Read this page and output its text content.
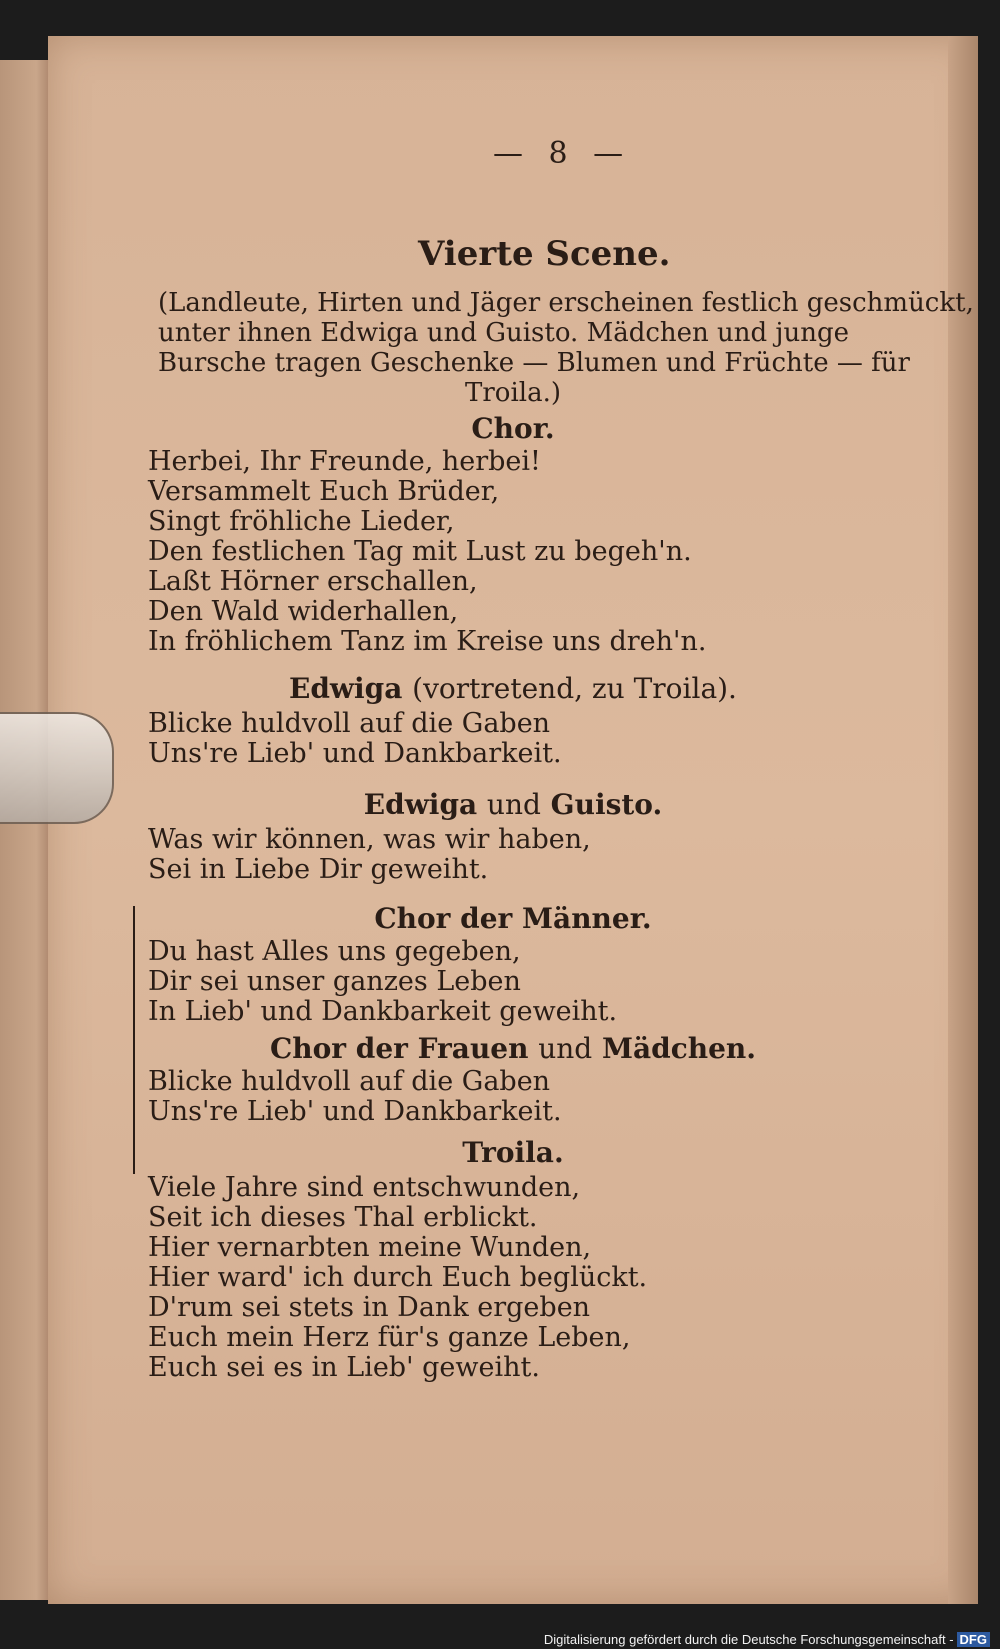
— 8 —
Vierte Scene.
(Landleute, Hirten und Jäger erscheinen festlich geschmückt,
unter ihnen Edwiga und Guisto. Mädchen und junge
Bursche tragen Geschenke — Blumen und Früchte — für
Troila.)
Chor.
Herbei, Ihr Freunde, herbei!
Versammelt Euch Brüder,
Singt fröhliche Lieder,
Den festlichen Tag mit Lust zu begeh'n.
Laßt Hörner erschallen,
Den Wald widerhallen,
In fröhlichem Tanz im Kreise uns dreh'n.
Edwiga (vortretend, zu Troila).
Blicke huldvoll auf die Gaben
Uns're Lieb' und Dankbarkeit.
Edwiga und Guisto.
Was wir können, was wir haben,
Sei in Liebe Dir geweiht.
Chor der Männer.
Du hast Alles uns gegeben,
Dir sei unser ganzes Leben
In Lieb' und Dankbarkeit geweiht.
Chor der Frauen und Mädchen.
Blicke huldvoll auf die Gaben
Uns're Lieb' und Dankbarkeit.
Troila.
Viele Jahre sind entschwunden,
Seit ich dieses Thal erblickt.
Hier vernarbten meine Wunden,
Hier ward' ich durch Euch beglückt.
D'rum sei stets in Dank ergeben
Euch mein Herz für's ganze Leben,
Euch sei es in Lieb' geweiht.
Digitalisierung gefördert durch die Deutsche Forschungsgemeinschaft - DFG
